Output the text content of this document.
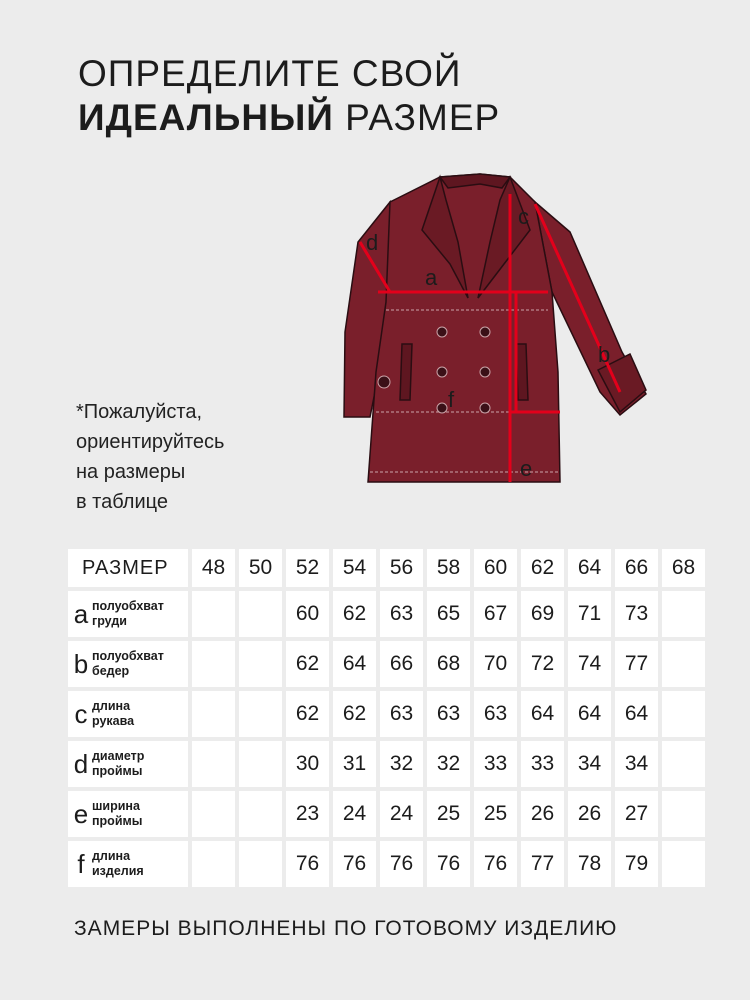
ОПРЕДЕЛИТЕ СВОЙ
ИДЕАЛЬНЫЙ РАЗМЕР
a
b
c
d
e
f
*Пожалуйста,
ориентируйтесь
на размеры
в таблице
РАЗМЕР	48	50	52	54	56	58	60	62	64	66	68
a полуобхват
груди			60	62	63	65	67	69	71	73	
b полуобхват
бедер			62	64	66	68	70	72	74	77	
c длина
рукава			62	62	63	63	63	64	64	64	
d диаметр
проймы			30	31	32	32	33	33	34	34	
e ширина
проймы			23	24	24	25	25	26	26	27	
f длина
изделия			76	76	76	76	76	77	78	79	
ЗАМЕРЫ ВЫПОЛНЕНЫ ПО ГОТОВОМУ ИЗДЕЛИЮ
